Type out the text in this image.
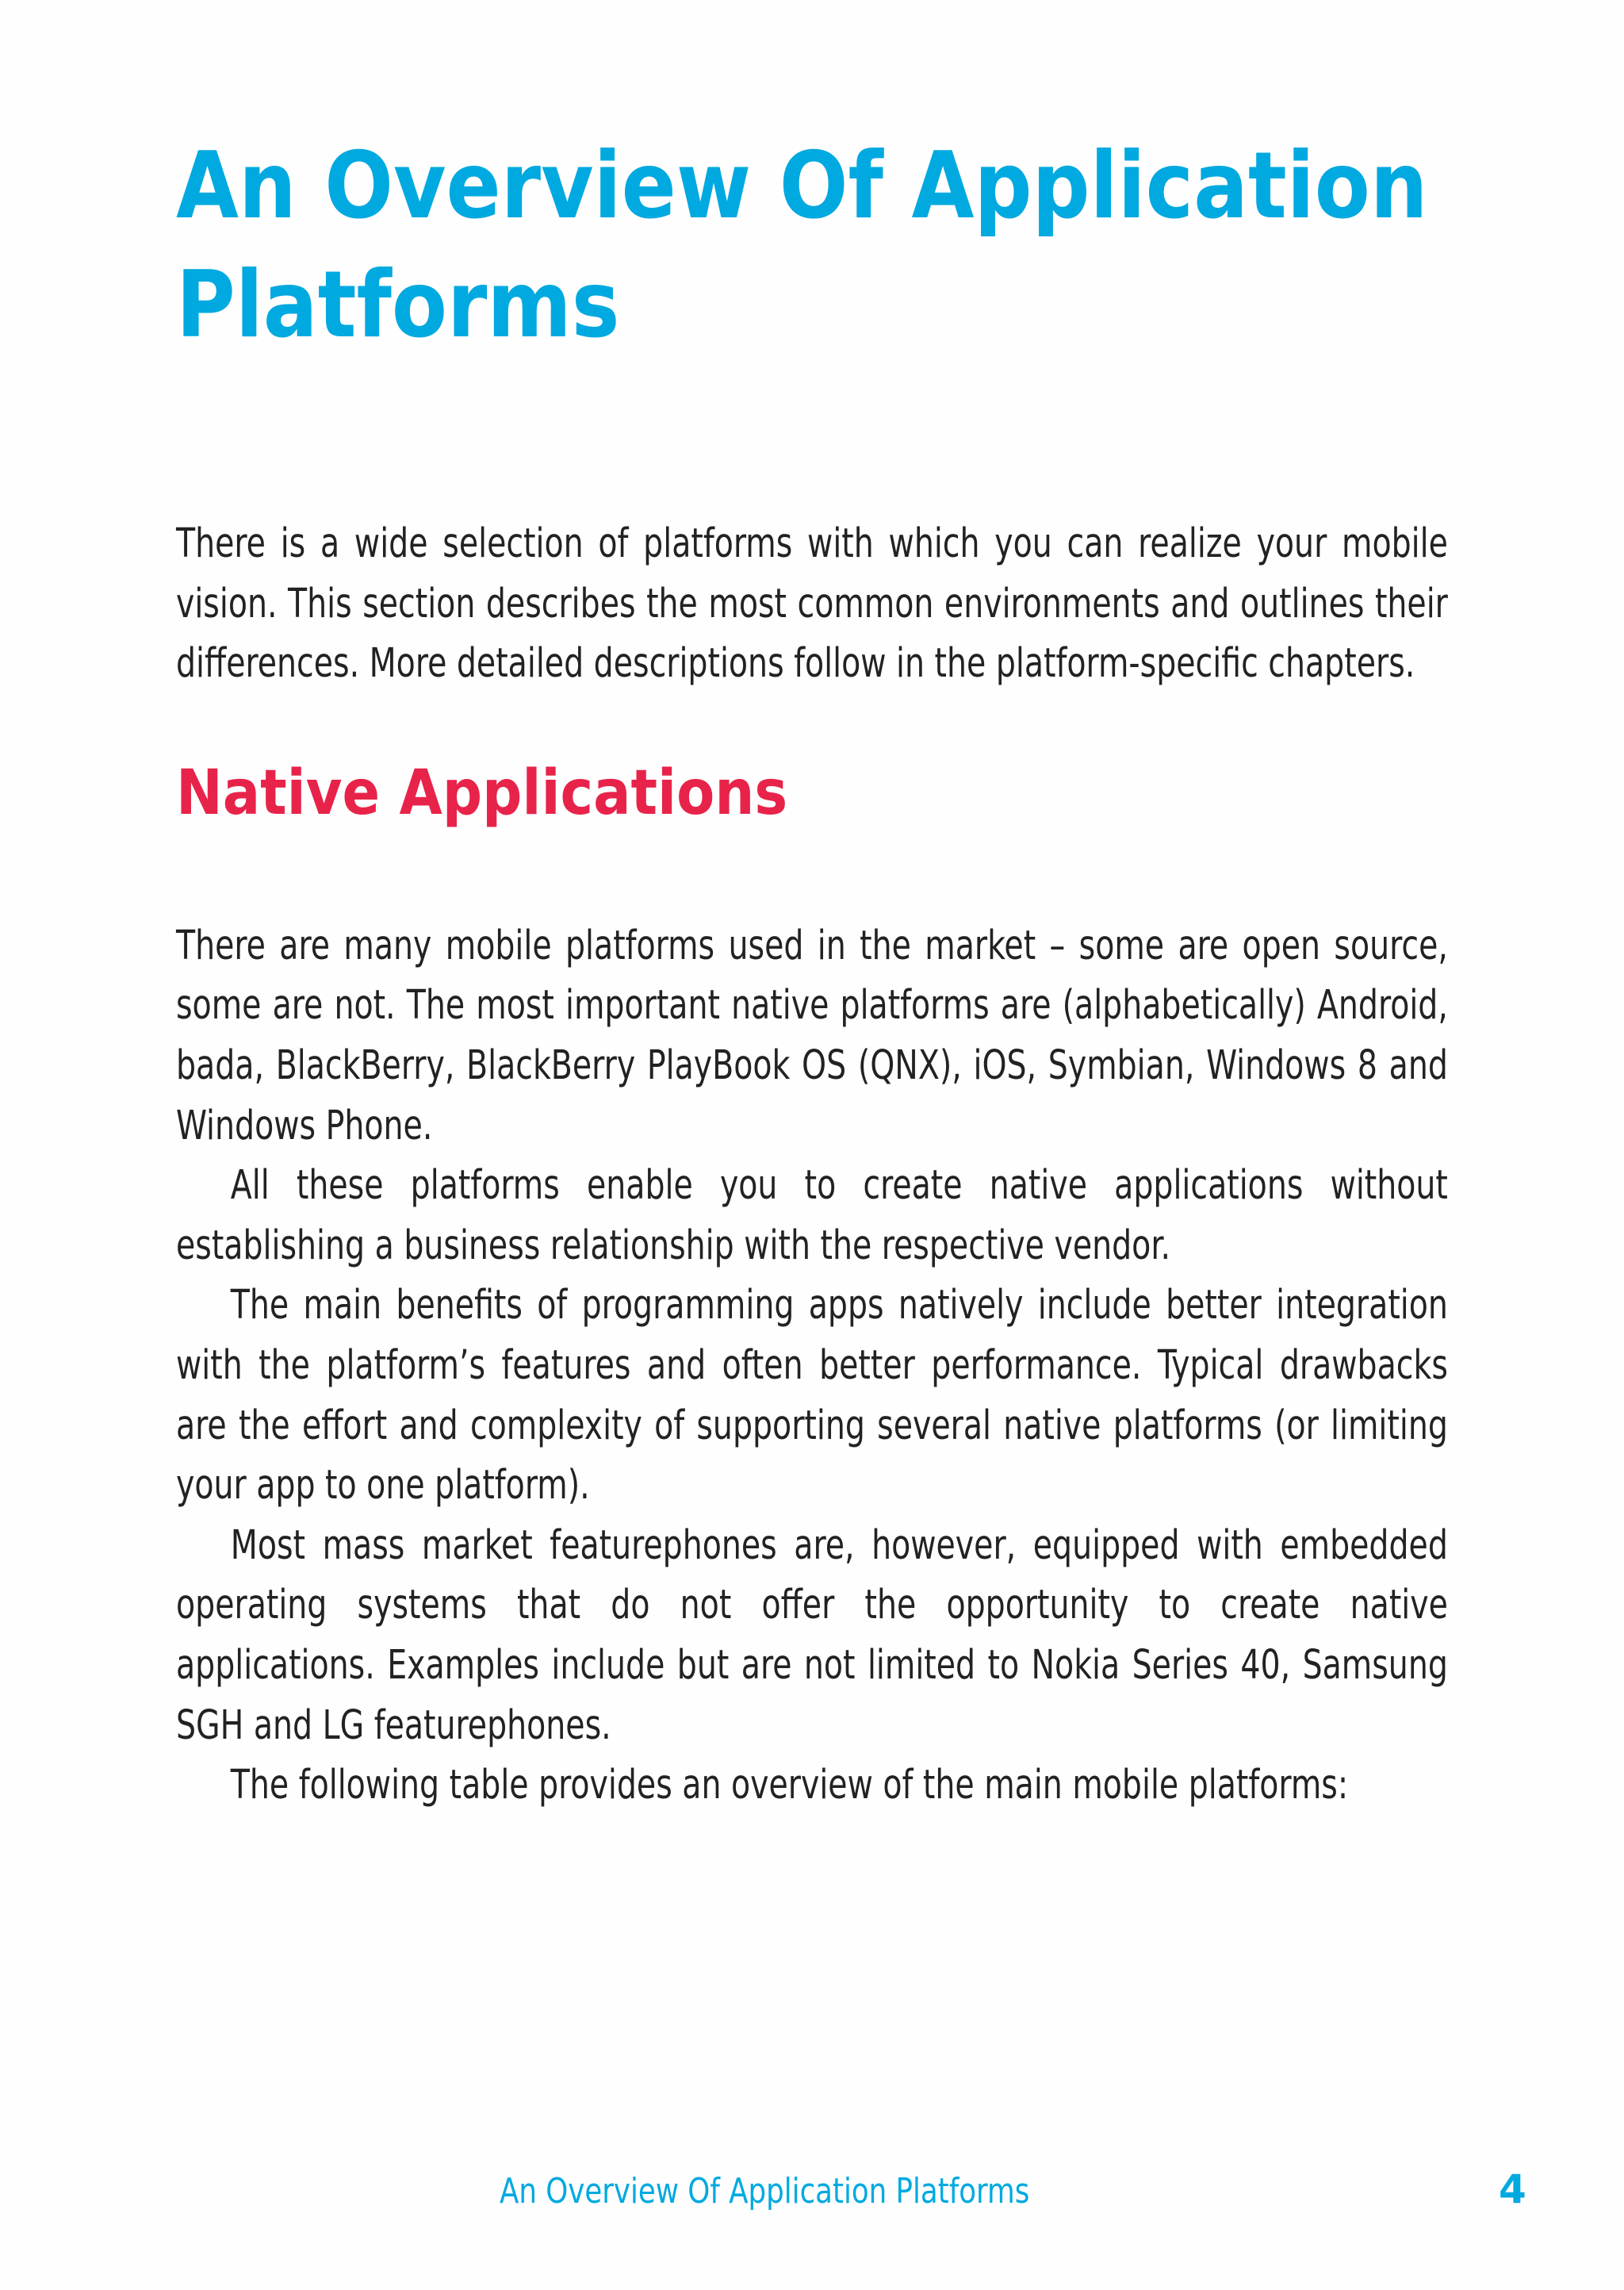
An Overview Of Application Platforms

There is a wide selection of platforms with which you can realize your mobile vision. This section describes the most common environments and outlines their differences. More detailed descriptions follow in the platform-specific chapters.

Native Applications

There are many mobile platforms used in the market – some are open source, some are not. The most important native platforms are (alphabetically) Android, bada, BlackBerry, BlackBerry PlayBook OS (QNX), iOS, Symbian, Windows 8 and Windows Phone.

All these platforms enable you to create native applications without establishing a business relationship with the respective vendor.

The main benefits of programming apps natively include better integration with the platform’s features and often better performance. Typical drawbacks are the effort and complexity of supporting several native platforms (or limiting your app to one platform).

Most mass market featurephones are, however, equipped with embedded operating systems that do not offer the opportunity to create native applications. Examples include but are not limited to Nokia Series 40, Samsung SGH and LG featurephones.

The following table provides an overview of the main mobile platforms:

An Overview Of Application Platforms	4
